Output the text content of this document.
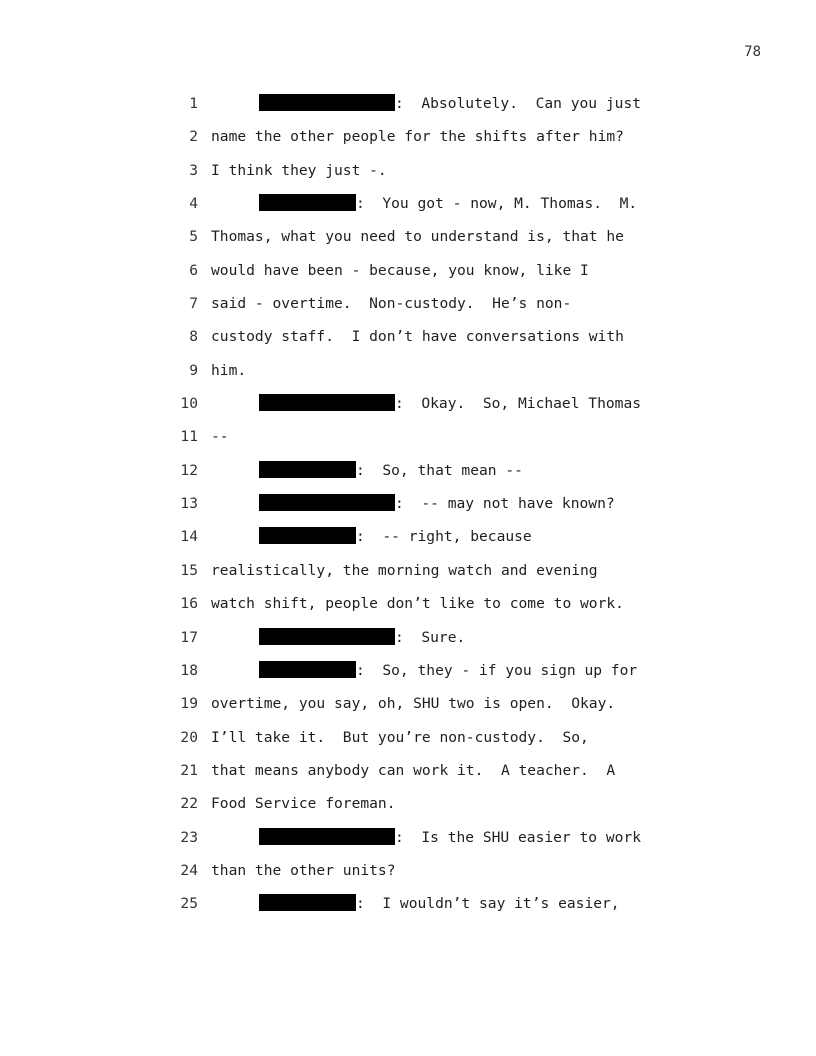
78
1	:  Absolutely.  Can you just
2 name the other people for the shifts after him?
3 I think they just -.
4	:  You got - now, M. Thomas.  M.
5 Thomas, what you need to understand is, that he
6 would have been - because, you know, like I
7 said - overtime.  Non-custody.  He’s non-
8 custody staff.  I don’t have conversations with
9 him.
10	:  Okay.  So, Michael Thomas
11 --
12	:  So, that mean --
13	:  -- may not have known?
14	:  -- right, because
15 realistically, the morning watch and evening
16 watch shift, people don’t like to come to work.
17	:  Sure.
18	:  So, they - if you sign up for
19 overtime, you say, oh, SHU two is open.  Okay.
20 I’ll take it.  But you’re non-custody.  So,
21 that means anybody can work it.  A teacher.  A
22 Food Service foreman.
23	:  Is the SHU easier to work
24 than the other units?
25	:  I wouldn’t say it’s easier,
